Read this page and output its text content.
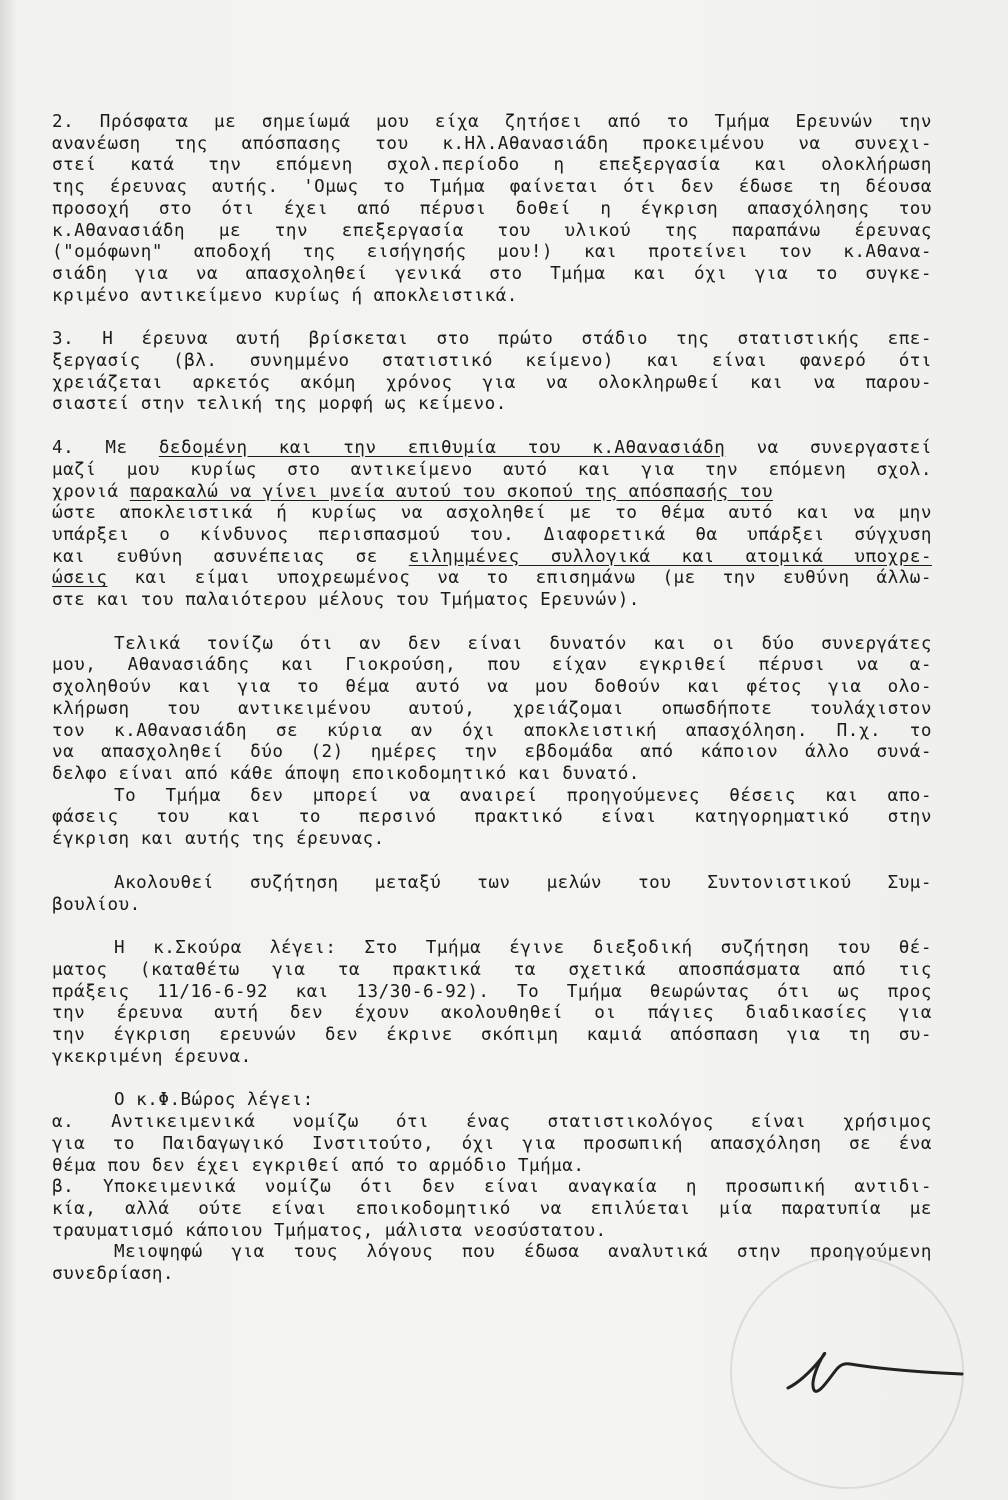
2. Πρόσφατα με σημείωμά μου είχα ζητήσει από το Τμήμα Ερευνών την
ανανέωση της απόσπασης του κ.Ηλ.Αθανασιάδη προκειμένου να συνεχι-
στεί κατά την επόμενη σχολ.περίοδο η επεξεργασία και ολοκλήρωση
της έρευνας αυτής. 'Ομως το Τμήμα φαίνεται ότι δεν έδωσε τη δέουσα
προσοχή στο ότι έχει από πέρυσι δοθεί η έγκριση απασχόλησης του
κ.Αθανασιάδη με την επεξεργασία του υλικού της παραπάνω έρευνας
("ομόφωνη" αποδοχή της εισήγησής μου!) και προτείνει τον κ.Αθανα-
σιάδη για να απασχοληθεί γενικά στο Τμήμα και όχι για το συγκε-
κριμένο αντικείμενο κυρίως ή αποκλειστικά.
3. Η έρευνα αυτή βρίσκεται στο πρώτο στάδιο της στατιστικής επε-
ξεργασίς (βλ. συνημμένο στατιστικό κείμενο) και είναι φανερό ότι
χρειάζεται αρκετός ακόμη χρόνος για να ολοκληρωθεί και να παρου-
σιαστεί στην τελική της μορφή ως κείμενο.
4. Με δεδομένη και την επιθυμία του κ.Αθανασιάδη να συνεργαστεί
μαζί μου κυρίως στο αντικείμενο αυτό και για την επόμενη σχολ.
χρονιά παρακαλώ να γίνει μνεία αυτού του σκοπού της απόσπασής του
ώστε αποκλειστικά ή κυρίως να ασχοληθεί με το θέμα αυτό και να μην
υπάρξει ο κίνδυνος περισπασμού του. Διαφορετικά θα υπάρξει σύγχυση
και ευθύνη ασυνέπειας σε ειλημμένες συλλογικά και ατομικά υποχρε-
ώσεις και είμαι υποχρεωμένος να το επισημάνω (με την ευθύνη άλλω-
στε και του παλαιότερου μέλους του Τμήματος Ερευνών).
Τελικά τονίζω ότι αν δεν είναι δυνατόν και οι δύο συνεργάτες
μου, Αθανασιάδης και Γιοκρούση, που είχαν εγκριθεί πέρυσι να α-
σχοληθούν και για το θέμα αυτό να μου δοθούν και φέτος για ολο-
κλήρωση του αντικειμένου αυτού, χρειάζομαι οπωσδήποτε τουλάχιστον
τον κ.Αθανασιάδη σε κύρια αν όχι αποκλειστική απασχόληση. Π.χ. το
να απασχοληθεί δύο (2) ημέρες την εβδομάδα από κάποιον άλλο συνά-
δελφο είναι από κάθε άποψη εποικοδομητικό και δυνατό.
Το Τμήμα δεν μπορεί να αναιρεί προηγούμενες θέσεις και απο-
φάσεις του και το περσινό πρακτικό είναι κατηγορηματικό στην
έγκριση και αυτής της έρευνας.
Ακολουθεί συζήτηση μεταξύ των μελών του Συντονιστικού Συμ-
βουλίου.
Η κ.Σκούρα λέγει: Στο Τμήμα έγινε διεξοδική συζήτηση του θέ-
ματος (καταθέτω για τα πρακτικά τα σχετικά αποσπάσματα από τις
πράξεις 11/16-6-92 και 13/30-6-92). Το Τμήμα θεωρώντας ότι ως προς
την έρευνα αυτή δεν έχουν ακολουθηθεί οι πάγιες διαδικασίες για
την έγκριση ερευνών δεν έκρινε σκόπιμη καμιά απόσπαση για τη συ-
γκεκριμένη έρευνα.
Ο κ.Φ.Βώρος λέγει:
α. Αντικειμενικά νομίζω ότι ένας στατιστικολόγος είναι χρήσιμος
για το Παιδαγωγικό Ινστιτούτο, όχι για προσωπική απασχόληση σε ένα
θέμα που δεν έχει εγκριθεί από το αρμόδιο Τμήμα.
β. Υποκειμενικά νομίζω ότι δεν είναι αναγκαία η προσωπική αντιδι-
κία, αλλά ούτε είναι εποικοδομητικό να επιλύεται μία παρατυπία με
τραυματισμό κάποιου Τμήματος, μάλιστα νεοσύστατου.
Μειοψηφώ για τους λόγους που έδωσα αναλυτικά στην προηγούμενη
συνεδρίαση.
